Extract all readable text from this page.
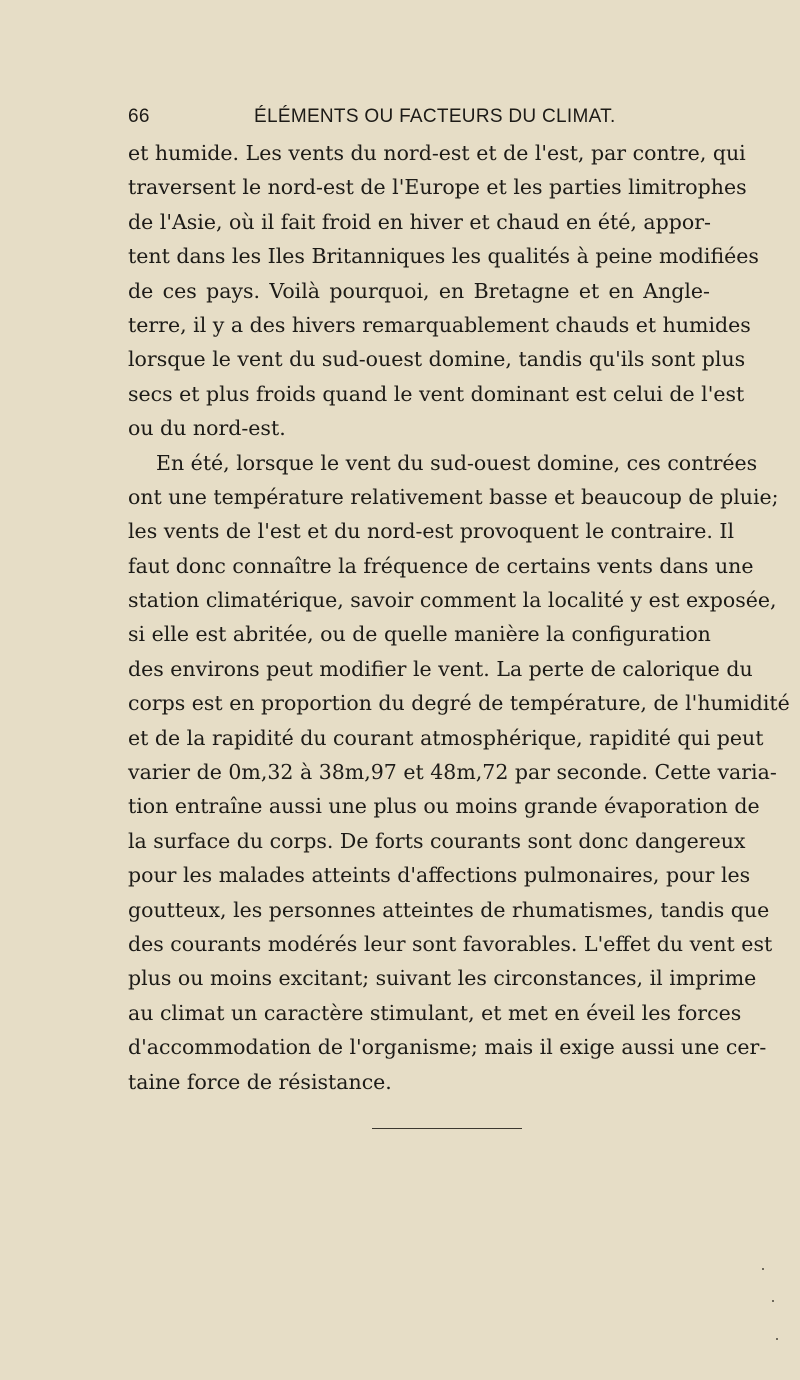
66	ÉLÉMENTS OU FACTEURS DU CLIMAT.
et humide. Les vents du nord-est et de l'est, par contre, qui
traversent le nord-est de l'Europe et les parties limitrophes
de l'Asie, où il fait froid en hiver et chaud en été, appor-
tent dans les Iles Britanniques les qualités à peine modifiées
de ces pays. Voilà pourquoi, en Bretagne et en Angle-
terre, il y a des hivers remarquablement chauds et humides
lorsque le vent du sud-ouest domine, tandis qu'ils sont plus
secs et plus froids quand le vent dominant est celui de l'est
ou du nord-est.
En été, lorsque le vent du sud-ouest domine, ces contrées
ont une température relativement basse et beaucoup de pluie;
les vents de l'est et du nord-est provoquent le contraire. Il
faut donc connaître la fréquence de certains vents dans une
station climatérique, savoir comment la localité y est exposée,
si elle est abritée, ou de quelle manière la configuration
des environs peut modifier le vent. La perte de calorique du
corps est en proportion du degré de température, de l'humidité
et de la rapidité du courant atmosphérique, rapidité qui peut
varier de 0m,32 à 38m,97 et 48m,72 par seconde. Cette varia-
tion entraîne aussi une plus ou moins grande évaporation de
la surface du corps. De forts courants sont donc dangereux
pour les malades atteints d'affections pulmonaires, pour les
goutteux, les personnes atteintes de rhumatismes, tandis que
des courants modérés leur sont favorables. L'effet du vent est
plus ou moins excitant; suivant les circonstances, il imprime
au climat un caractère stimulant, et met en éveil les forces
d'accommodation de l'organisme; mais il exige aussi une cer-
taine force de résistance.
